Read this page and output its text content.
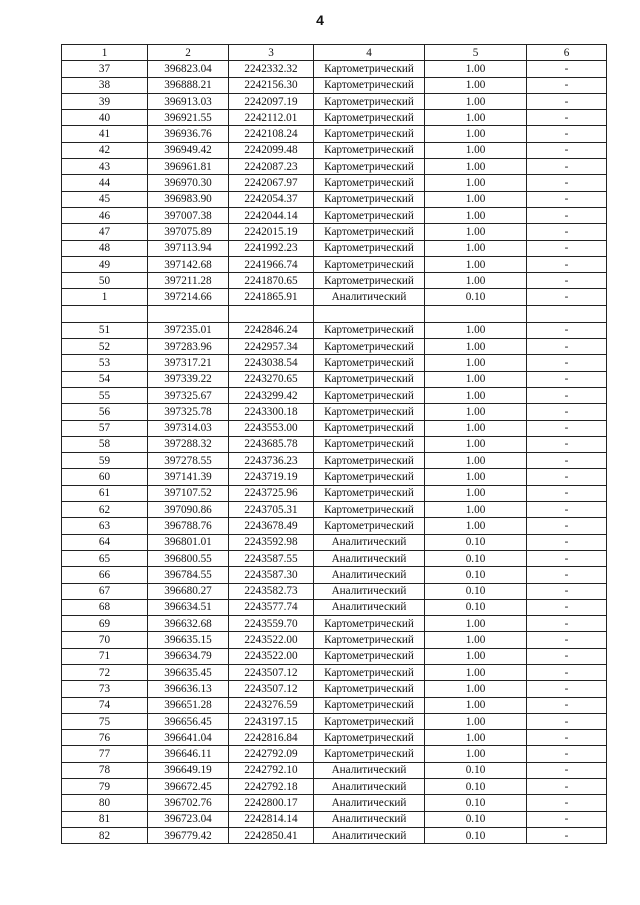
4
1	2	3	4	5	6
37	396823.04	2242332.32	Картометрический	1.00	-
38	396888.21	2242156.30	Картометрический	1.00	-
39	396913.03	2242097.19	Картометрический	1.00	-
40	396921.55	2242112.01	Картометрический	1.00	-
41	396936.76	2242108.24	Картометрический	1.00	-
42	396949.42	2242099.48	Картометрический	1.00	-
43	396961.81	2242087.23	Картометрический	1.00	-
44	396970.30	2242067.97	Картометрический	1.00	-
45	396983.90	2242054.37	Картометрический	1.00	-
46	397007.38	2242044.14	Картометрический	1.00	-
47	397075.89	2242015.19	Картометрический	1.00	-
48	397113.94	2241992.23	Картометрический	1.00	-
49	397142.68	2241966.74	Картометрический	1.00	-
50	397211.28	2241870.65	Картометрический	1.00	-
1	397214.66	2241865.91	Аналитический	0.10	-

51	397235.01	2242846.24	Картометрический	1.00	-
52	397283.96	2242957.34	Картометрический	1.00	-
53	397317.21	2243038.54	Картометрический	1.00	-
54	397339.22	2243270.65	Картометрический	1.00	-
55	397325.67	2243299.42	Картометрический	1.00	-
56	397325.78	2243300.18	Картометрический	1.00	-
57	397314.03	2243553.00	Картометрический	1.00	-
58	397288.32	2243685.78	Картометрический	1.00	-
59	397278.55	2243736.23	Картометрический	1.00	-
60	397141.39	2243719.19	Картометрический	1.00	-
61	397107.52	2243725.96	Картометрический	1.00	-
62	397090.86	2243705.31	Картометрический	1.00	-
63	396788.76	2243678.49	Картометрический	1.00	-
64	396801.01	2243592.98	Аналитический	0.10	-
65	396800.55	2243587.55	Аналитический	0.10	-
66	396784.55	2243587.30	Аналитический	0.10	-
67	396680.27	2243582.73	Аналитический	0.10	-
68	396634.51	2243577.74	Аналитический	0.10	-
69	396632.68	2243559.70	Картометрический	1.00	-
70	396635.15	2243522.00	Картометрический	1.00	-
71	396634.79	2243522.00	Картометрический	1.00	-
72	396635.45	2243507.12	Картометрический	1.00	-
73	396636.13	2243507.12	Картометрический	1.00	-
74	396651.28	2243276.59	Картометрический	1.00	-
75	396656.45	2243197.15	Картометрический	1.00	-
76	396641.04	2242816.84	Картометрический	1.00	-
77	396646.11	2242792.09	Картометрический	1.00	-
78	396649.19	2242792.10	Аналитический	0.10	-
79	396672.45	2242792.18	Аналитический	0.10	-
80	396702.76	2242800.17	Аналитический	0.10	-
81	396723.04	2242814.14	Аналитический	0.10	-
82	396779.42	2242850.41	Аналитический	0.10	-
